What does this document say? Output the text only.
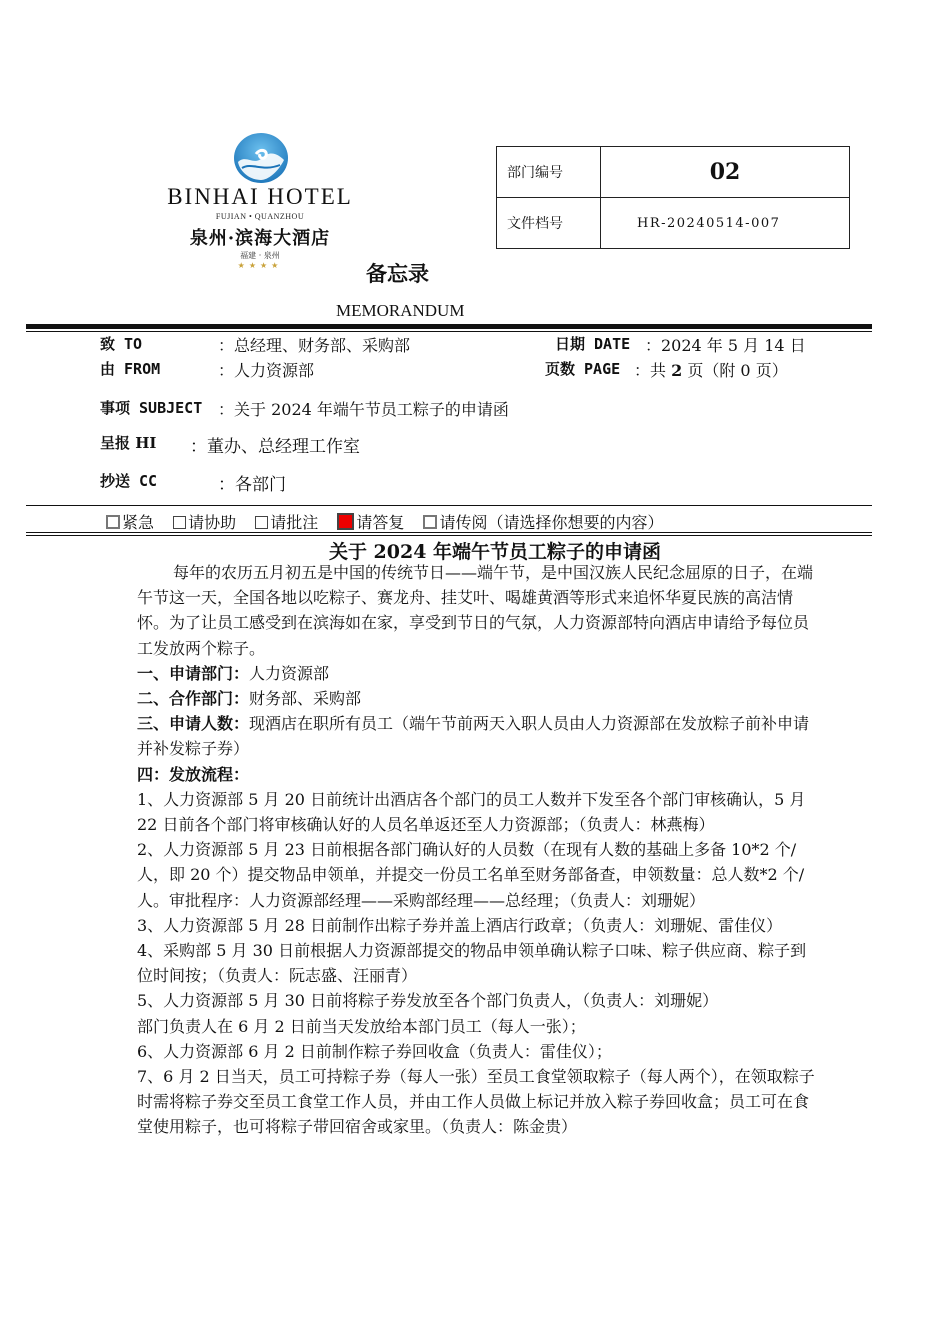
BINHAI HOTEL
FUJIAN • QUANZHOU
泉州·滨海大酒店
福建 · 泉州
★★★★
部门编号	02
文件档号	HR-20240514-007
备忘录
MEMORANDUM
致 TO	：总经理、财务部、采购部
由 FROM	：人力资源部
日期 DATE ：2024 年 5 月 14 日
页数 PAGE ：共 2 页（附 0 页）
事项 SUBJECT ：关于 2024 年端午节员工粽子的申请函
呈报 HI ：董办、总经理工作室
抄送 CC	：各部门
紧急 请协助 请批注 请答复 请传阅（请选择你想要的内容）
关于 2024 年端午节员工粽子的申请函

每年的农历五月初五是中国的传统节日——端午节，是中国汉族人民纪念屈原的日子，在端午节这一天，全国各地以吃粽子、赛龙舟、挂艾叶、喝雄黄酒等形式来追怀华夏民族的高洁情怀。为了让员工感受到在滨海如在家，享受到节日的气氛，人力资源部特向酒店申请给予每位员工发放两个粽子。

一、申请部门：人力资源部

二、合作部门：财务部、采购部

三、申请人数：现酒店在职所有员工（端午节前两天入职人员由人力资源部在发放粽子前补申请并补发粽子券）

四：发放流程：

1、人力资源部 5 月 20 日前统计出酒店各个部门的员工人数并下发至各个部门审核确认，5 月 22 日前各个部门将审核确认好的人员名单返还至人力资源部；（负责人：林燕梅）

2、人力资源部 5 月 23 日前根据各部门确认好的人员数（在现有人数的基础上多备 10*2 个/人，即 20 个）提交物品申领单，并提交一份员工名单至财务部备查，申领数量：总人数*2 个/人。审批程序：人力资源部经理——采购部经理——总经理；（负责人：刘珊妮）

3、人力资源部 5 月 28 日前制作出粽子券并盖上酒店行政章；（负责人：刘珊妮、雷佳仪）

4、采购部 5 月 30 日前根据人力资源部提交的物品申领单确认粽子口味、粽子供应商、粽子到位时间按；（负责人：阮志盛、汪丽青）

5、人力资源部 5 月 30 日前将粽子券发放至各个部门负责人，（负责人：刘珊妮）

部门负责人在 6 月 2 日前当天发放给本部门员工（每人一张）；

6、人力资源部 6 月 2 日前制作粽子券回收盒（负责人：雷佳仪）；

7、6 月 2 日当天，员工可持粽子券（每人一张）至员工食堂领取粽子（每人两个），在领取粽子时需将粽子券交至员工食堂工作人员，并由工作人员做上标记并放入粽子券回收盒；员工可在食堂使用粽子，也可将粽子带回宿舍或家里。（负责人：陈金贵）
